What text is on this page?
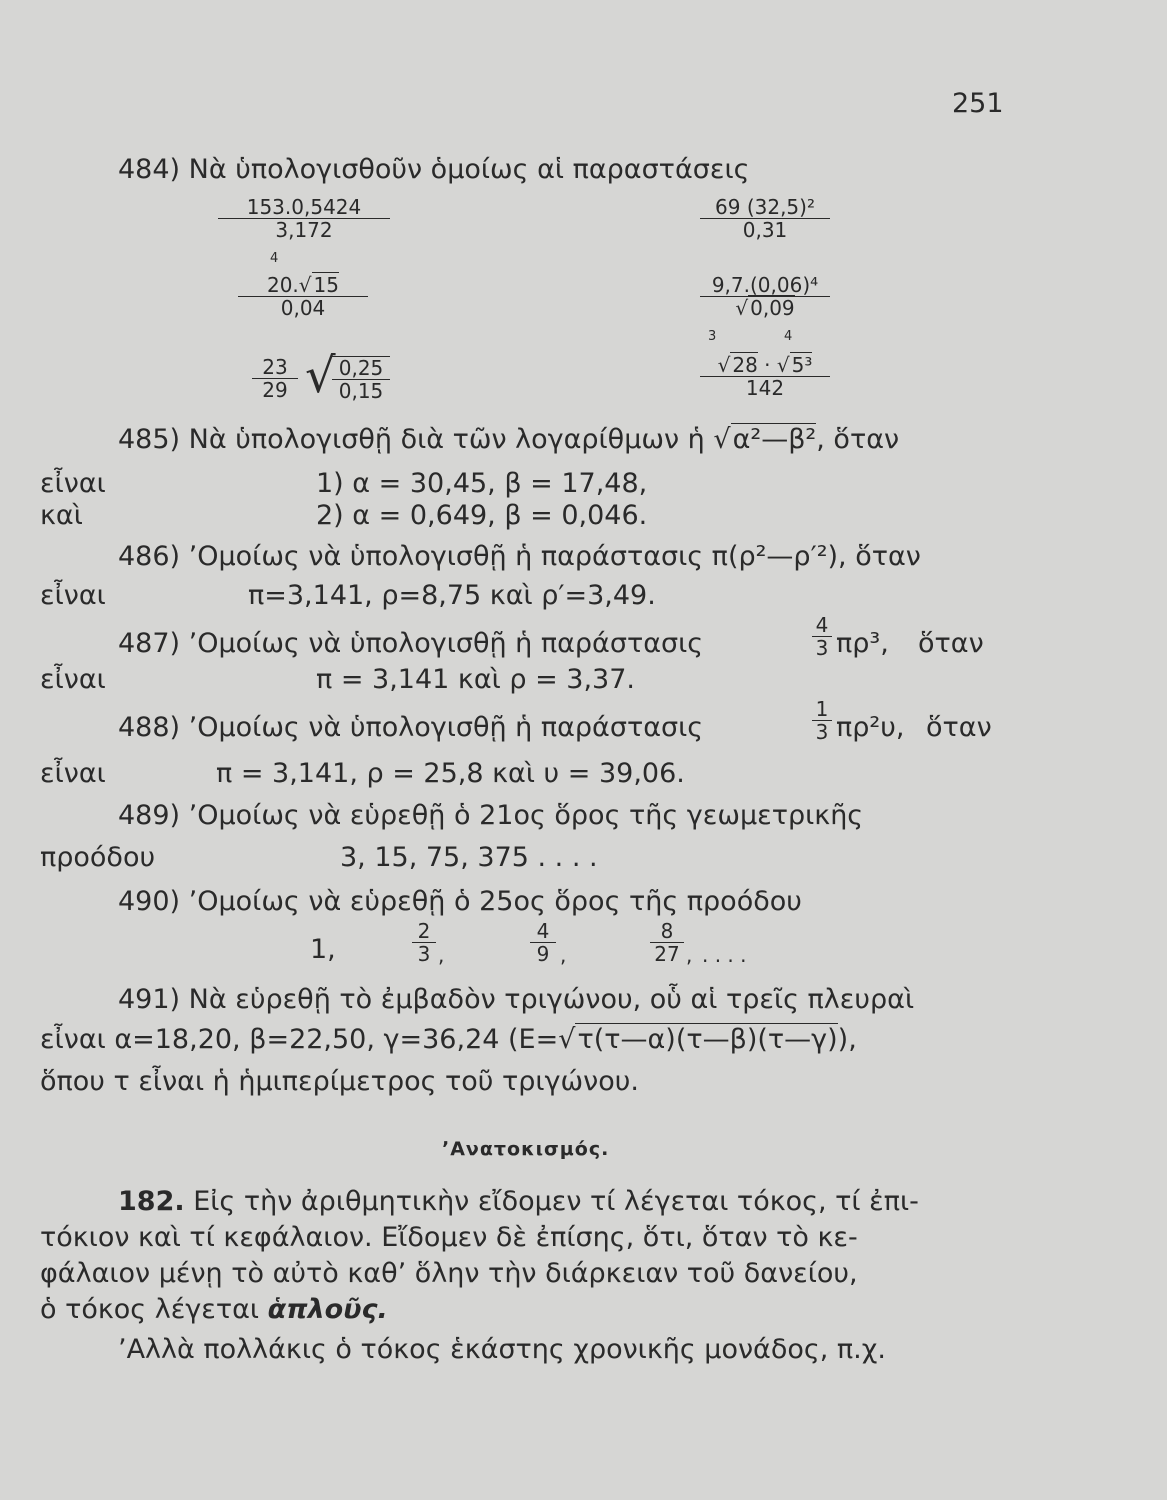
251
484) Νὰ ὑπολογισθοῦν ὁμοίως αἱ παραστάσεις
153.0,5424
3,172
69 (32,5)²
0,31
4
20.√ 15
0,04
9,7.(0,06)⁴
√ 0,09
23
29 √ 0,25
0,15
3	4
√ 28 · √ 5³
142
485) Νὰ ὑπολογισθῇ διὰ τῶν λογαρίθμων ἡ √α²—β², ὅταν
εἶναι	1) α = 30,45, β = 17,48,
καὶ	2) α = 0,649, β = 0,046.
486) ʼΟμοίως νὰ ὑπολογισθῇ ἡ παράστασις π(ρ²—ρ′²), ὅταν
εἶναι	π=3,141, ρ=8,75 καὶ ρ′=3,49.
487) ʼΟμοίως νὰ ὑπολογισθῇ ἡ παράστασις
4
3 πρ³, ὅταν
εἶναι	π = 3,141 καὶ ρ = 3,37.
488) ʼΟμοίως νὰ ὑπολογισθῇ ἡ παράστασις
1
3 πρ²υ, ὅταν
εἶναι	π = 3,141, ρ = 25,8 καὶ υ = 39,06.
489) ʼΟμοίως νὰ εὑρεθῇ ὁ 21ος ὅρος τῆς γεωμετρικῆς
προόδου	3, 15, 75, 375 . . . .
490) ʼΟμοίως νὰ εὑρεθῇ ὁ 25ος ὅρος τῆς προόδου
1,
2
3 ,
4
9 ,
8
27 , . . . .
491) Νὰ εὑρεθῇ τὸ ἐμβαδὸν τριγώνου, οὗ αἱ τρεῖς πλευραὶ
εἶναι α=18,20, β=22,50, γ=36,24 (E=√τ(τ—α)(τ—β)(τ—γ)),
ὅπου τ εἶναι ἡ ἡμιπερίμετρος τοῦ τριγώνου.
ʼΑνατοκισμός.
182. Εἰς τὴν ἀριθμητικὴν εἴδομεν τί λέγεται τόκος, τί ἐπι-
τόκιον καὶ τί κεφάλαιον. Εἴδομεν δὲ ἐπίσης, ὅτι, ὅταν τὸ κε-
φάλαιον μένῃ τὸ αὐτὸ καθʼ ὅλην τὴν διάρκειαν τοῦ δανείου,
ὁ τόκος λέγεται ἁπλοῦς.
ʼΑλλὰ πολλάκις ὁ τόκος ἑκάστης χρονικῆς μονάδος, π.χ.
